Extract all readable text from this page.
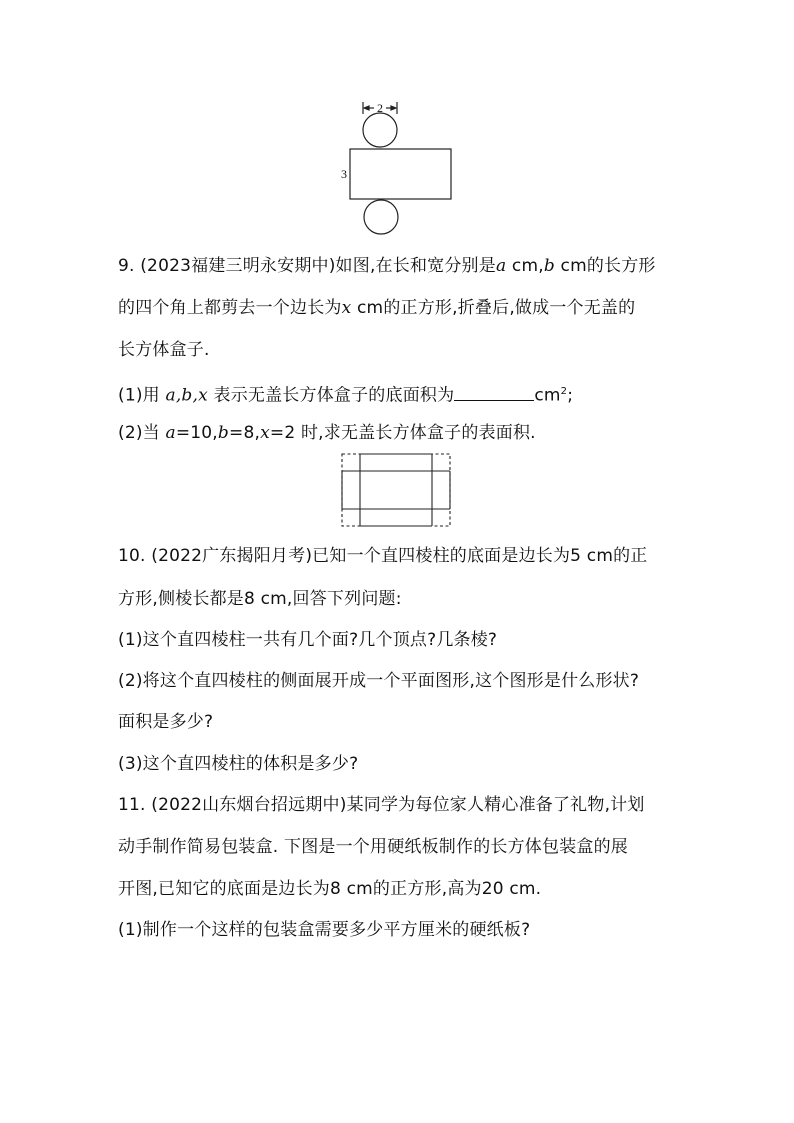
2
3
9. (2023福建三明永安期中)如图,在长和宽分别是a cm,b cm的长方形
的四个角上都剪去一个边长为x cm的正方形,折叠后,做成一个无盖的
长方体盒子.
(1)用 a,b,x 表示无盖长方体盒子的底面积为	$cm^2$;
(2)当 a=10,b=8,x=2 时,求无盖长方体盒子的表面积.
10. (2022广东揭阳月考)已知一个直四棱柱的底面是边长为5 cm的正
方形,侧棱长都是8 cm,回答下列问题:
(1)这个直四棱柱一共有几个面?几个顶点?几条棱?
(2)将这个直四棱柱的侧面展开成一个平面图形,这个图形是什么形状?
面积是多少?
(3)这个直四棱柱的体积是多少?
11. (2022山东烟台招远期中)某同学为每位家人精心准备了礼物,计划
动手制作简易包装盒. 下图是一个用硬纸板制作的长方体包装盒的展
开图,已知它的底面是边长为8 cm的正方形,高为20 cm.
(1)制作一个这样的包装盒需要多少平方厘米的硬纸板?
